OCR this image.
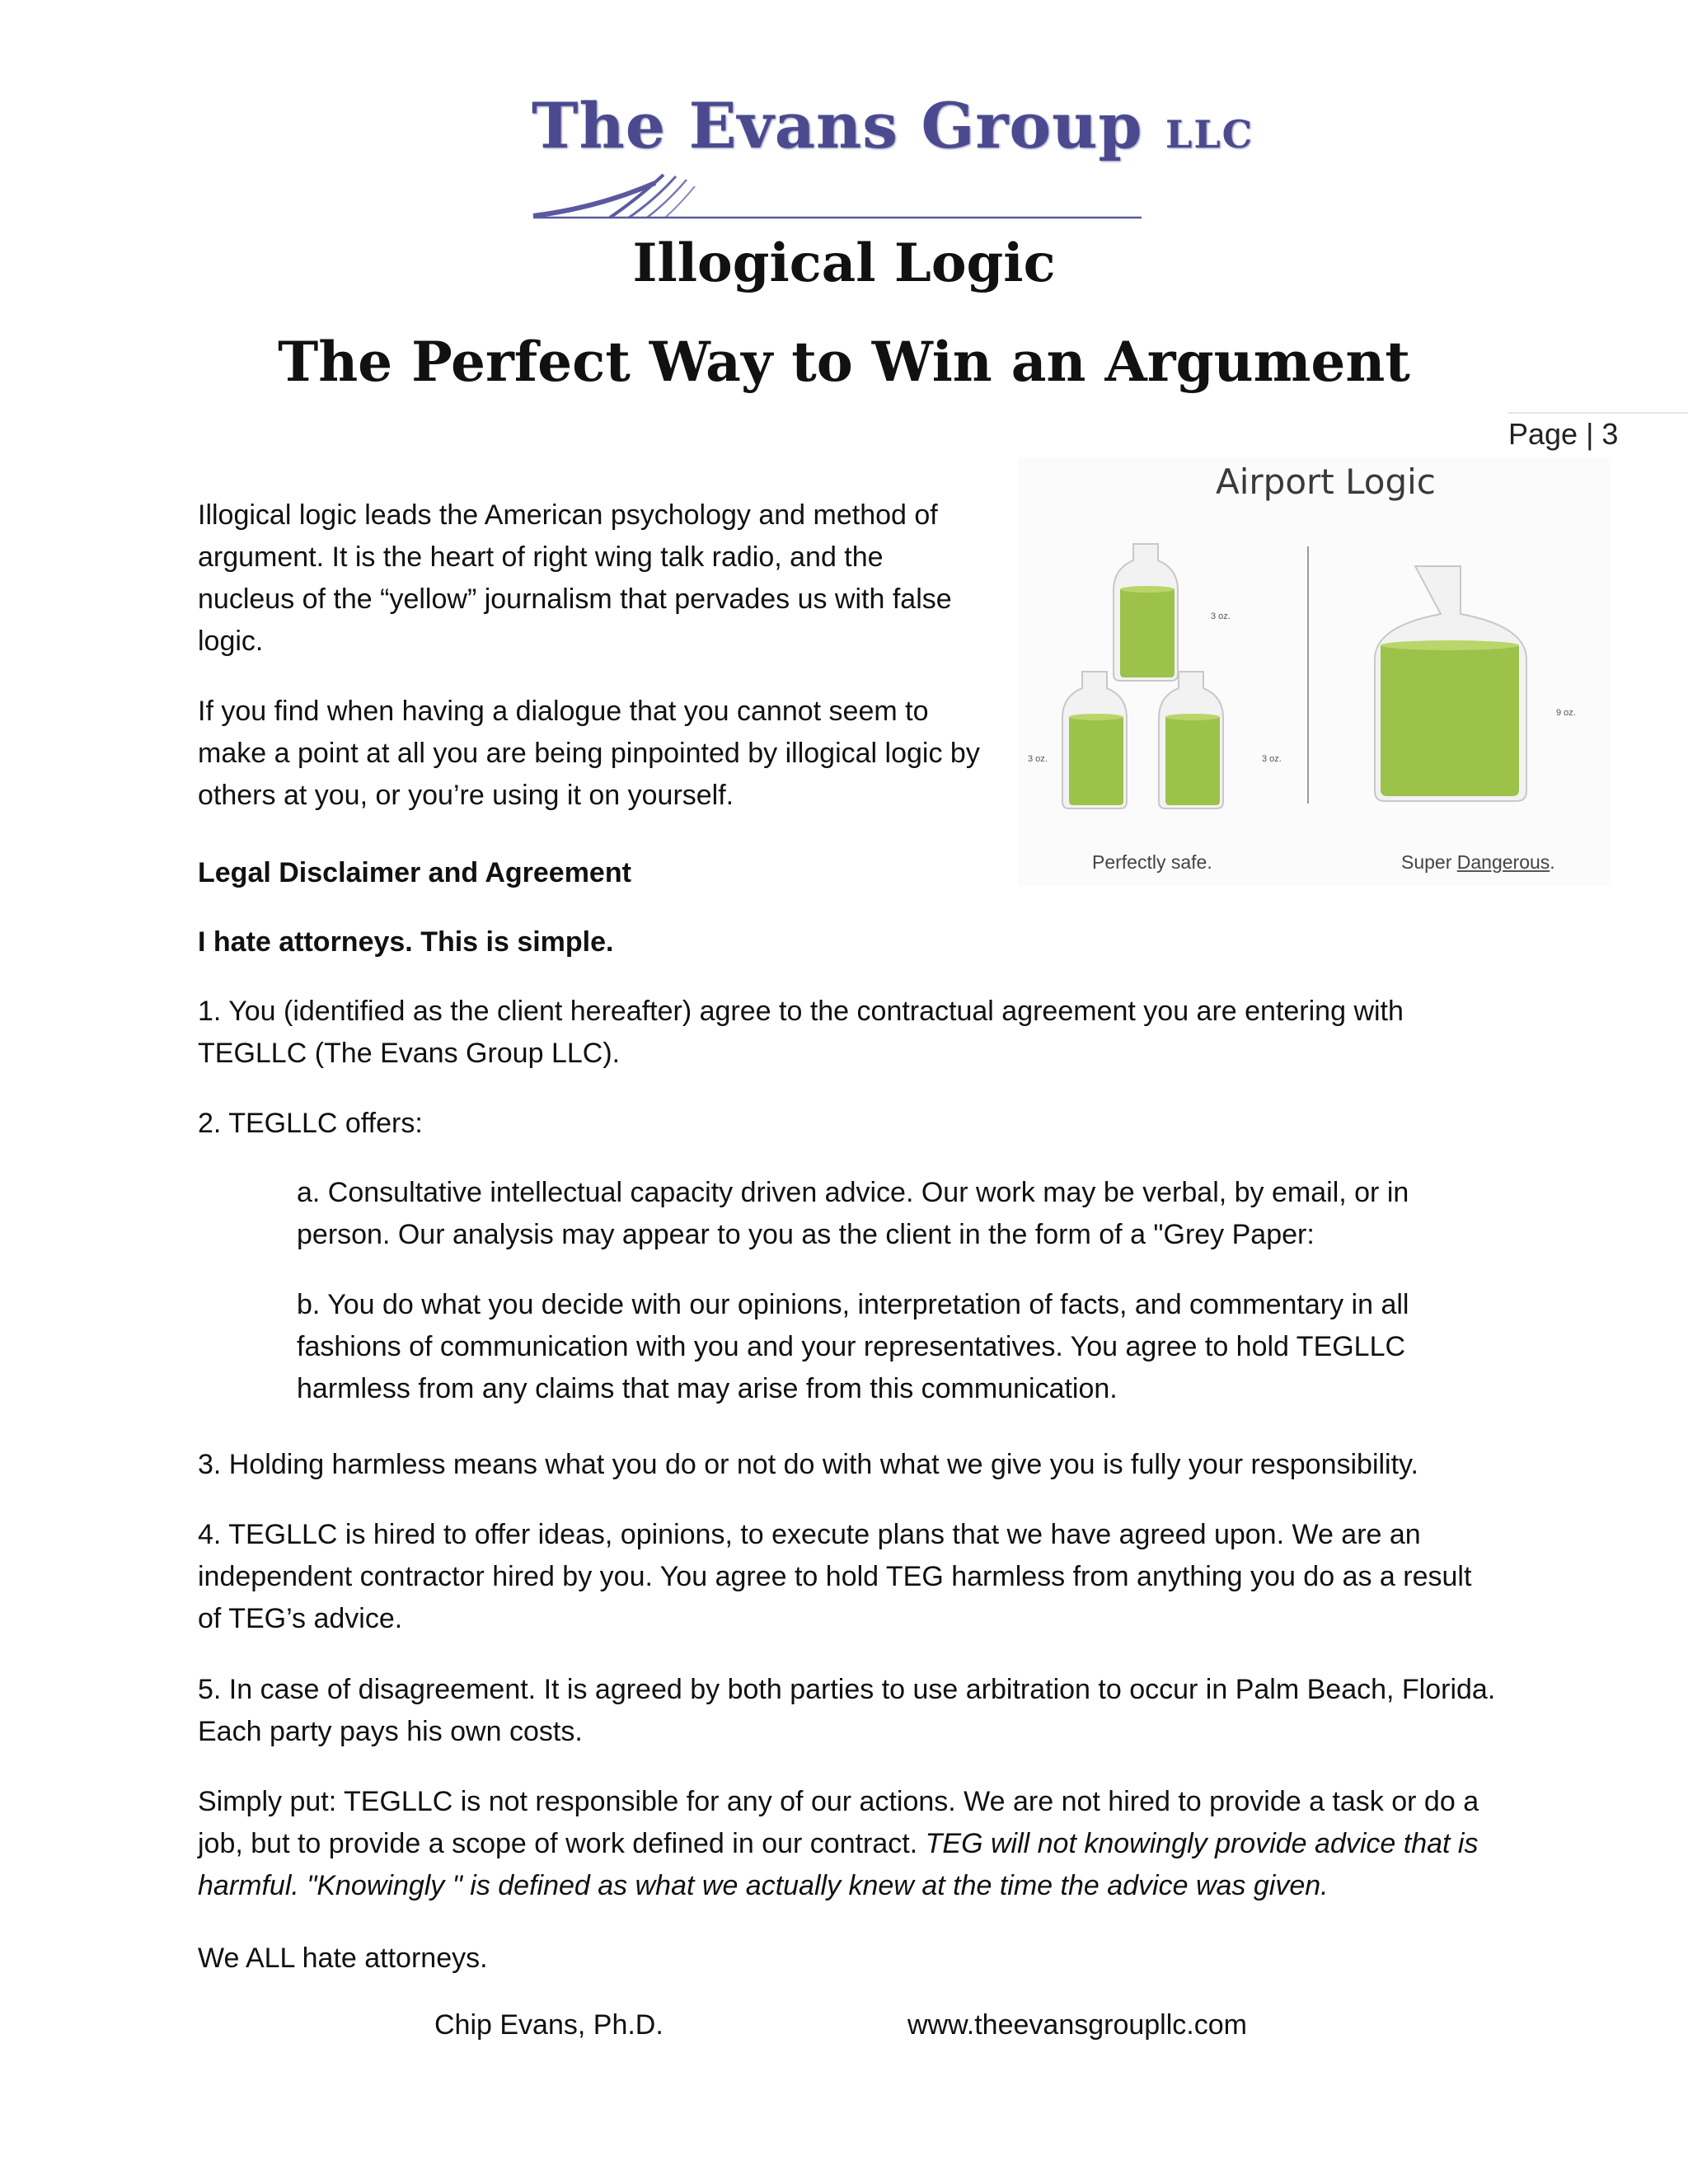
The Evans Group LLC
Illogical Logic
The Perfect Way to Win an Argument
Page | 3
Illogical logic leads the American psychology and method of
argument. It is the heart of right wing talk radio, and the
nucleus of the “yellow” journalism that pervades us with false
logic.
If you find when having a dialogue that you cannot seem to
make a point at all you are being pinpointed by illogical logic by
others at you, or you’re using it on yourself.
Airport Logic
3 oz.
3 oz.	3 oz.
9 oz.
Perfectly safe.	Super Dangerous.
Legal Disclaimer and Agreement
I hate attorneys. This is simple.
1. You (identified as the client hereafter) agree to the contractual agreement you are entering with
TEGLLC (The Evans Group LLC).
2. TEGLLC offers:
a. Consultative intellectual capacity driven advice. Our work may be verbal, by email, or in
person. Our analysis may appear to you as the client in the form of a "Grey Paper:
b. You do what you decide with our opinions, interpretation of facts, and commentary in all
fashions of communication with you and your representatives. You agree to hold TEGLLC
harmless from any claims that may arise from this communication.
3. Holding harmless means what you do or not do with what we give you is fully your responsibility.
4. TEGLLC is hired to offer ideas, opinions, to execute plans that we have agreed upon. We are an
independent contractor hired by you. You agree to hold TEG harmless from anything you do as a result
of TEG’s advice.
5. In case of disagreement. It is agreed by both parties to use arbitration to occur in Palm Beach, Florida.
Each party pays his own costs.
Simply put: TEGLLC is not responsible for any of our actions. We are not hired to provide a task or do a
job, but to provide a scope of work defined in our contract. TEG will not knowingly provide advice that is
harmful. "Knowingly " is defined as what we actually knew at the time the advice was given.
We ALL hate attorneys.
Chip Evans, Ph.D.	www.theevansgroupllc.com
